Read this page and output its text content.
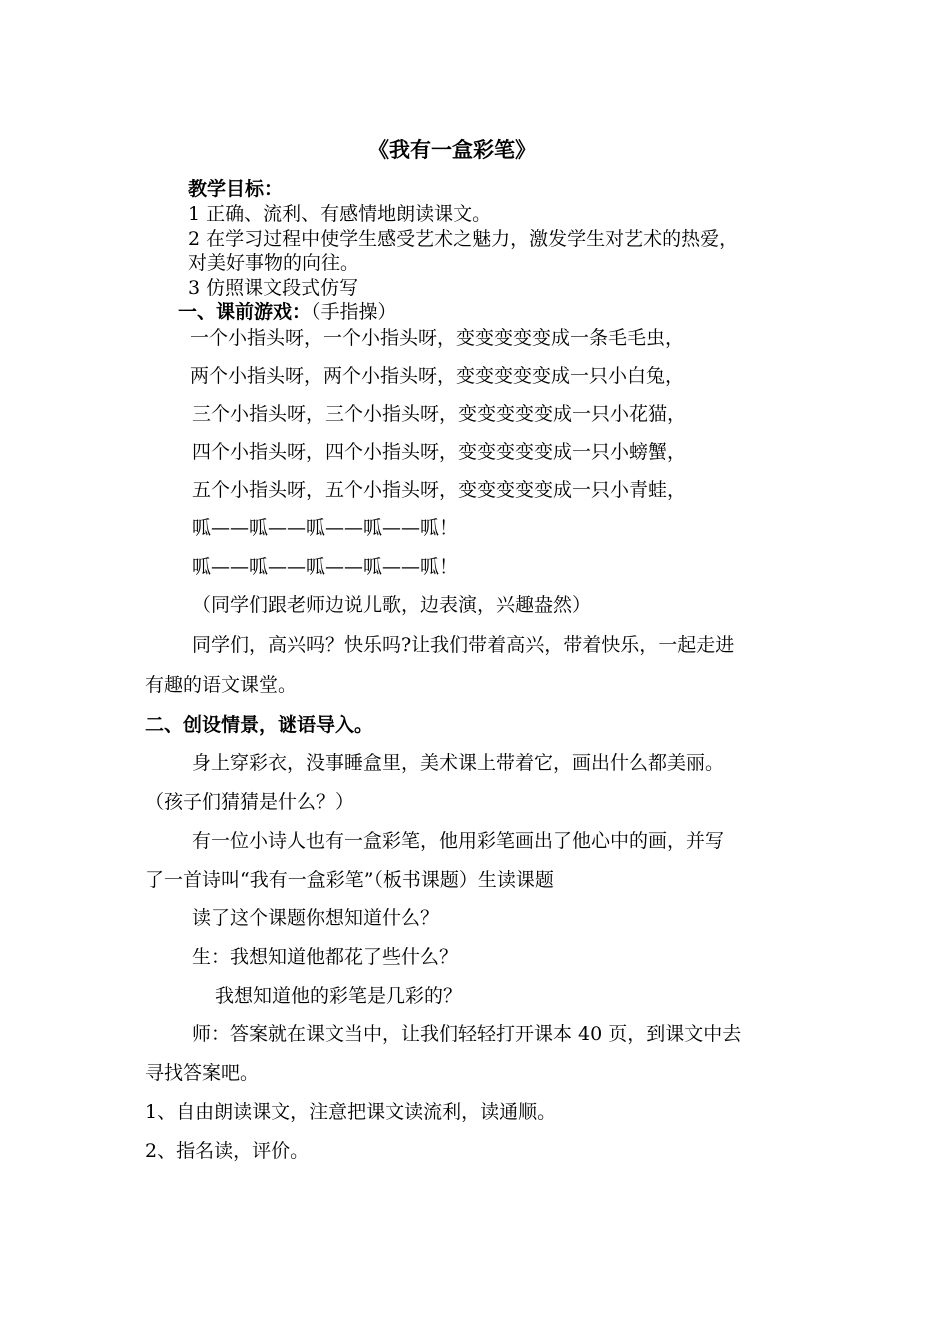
《我有一盒彩笔》
教学目标：
1 正确、流利、有感情地朗读课文。
2 在学习过程中使学生感受艺术之魅力，激发学生对艺术的热爱，
对美好事物的向往。
3 仿照课文段式仿写
一、课前游戏：（手指操）
一个小指头呀，一个小指头呀，变变变变变成一条毛毛虫，
两个小指头呀，两个小指头呀，变变变变变成一只小白兔，
三个小指头呀，三个小指头呀，变变变变变成一只小花猫，
四个小指头呀，四个小指头呀，变变变变变成一只小螃蟹，
五个小指头呀，五个小指头呀，变变变变变成一只小青蛙，
呱——呱——呱——呱——呱！
呱——呱——呱——呱——呱！
（同学们跟老师边说儿歌，边表演，兴趣盎然）
同学们，高兴吗？快乐吗?让我们带着高兴，带着快乐，一起走进
有趣的语文课堂。
二、创设情景，谜语导入。
身上穿彩衣，没事睡盒里，美术课上带着它，画出什么都美丽。
（孩子们猜猜是什么？）
有一位小诗人也有一盒彩笔，他用彩笔画出了他心中的画，并写
了一首诗叫“我有一盒彩笔”（板书课题）生读课题
读了这个课题你想知道什么？
生：我想知道他都花了些什么？
我想知道他的彩笔是几彩的？
师：答案就在课文当中，让我们轻轻打开课本 40 页，到课文中去
寻找答案吧。
1、自由朗读课文，注意把课文读流利，读通顺。
2、指名读，评价。
